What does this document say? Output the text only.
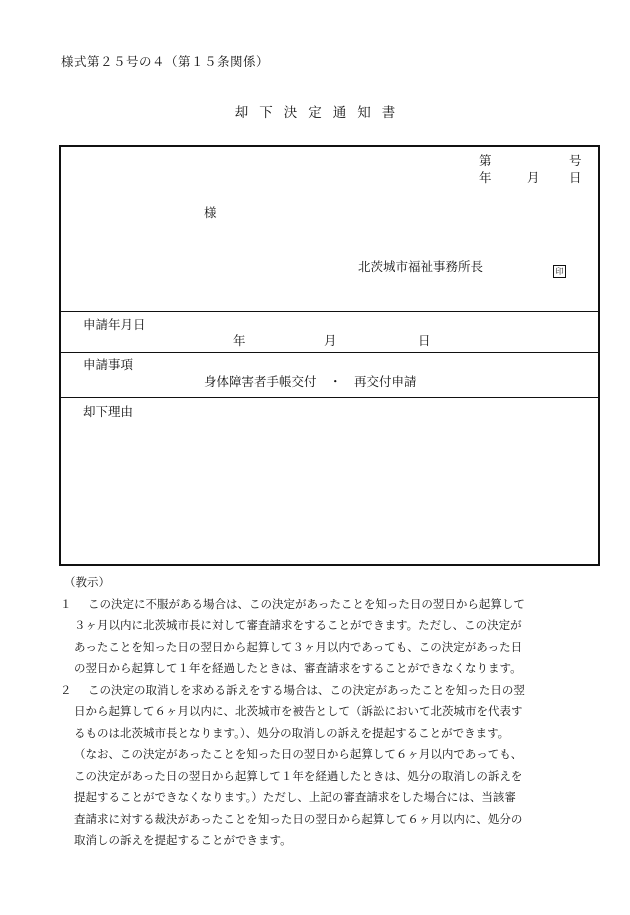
様式第２５号の４（第１５条関係）
却下決定通知書
第	号
年	月 日
様
北茨城市福祉事務所長	印
申請年月日
年	月	日
申請事項
身体障害者手帳交付　・　再交付申請
却下理由
（教示）
１	この決定に不服がある場合は、この決定があったことを知った日の翌日から起算して
３ヶ月以内に北茨城市長に対して審査請求をすることができます。ただし、この決定が
あったことを知った日の翌日から起算して３ヶ月以内であっても、この決定があった日
の翌日から起算して１年を経過したときは、審査請求をすることができなくなります。
２	この決定の取消しを求める訴えをする場合は、この決定があったことを知った日の翌
日から起算して６ヶ月以内に、北茨城市を被告として（訴訟において北茨城市を代表す
るものは北茨城市長となります。）、処分の取消しの訴えを提起することができます。
（なお、この決定があったことを知った日の翌日から起算して６ヶ月以内であっても、
この決定があった日の翌日から起算して１年を経過したときは、処分の取消しの訴えを
提起することができなくなります。）ただし、上記の審査請求をした場合には、当該審
査請求に対する裁決があったことを知った日の翌日から起算して６ヶ月以内に、処分の
取消しの訴えを提起することができます。
